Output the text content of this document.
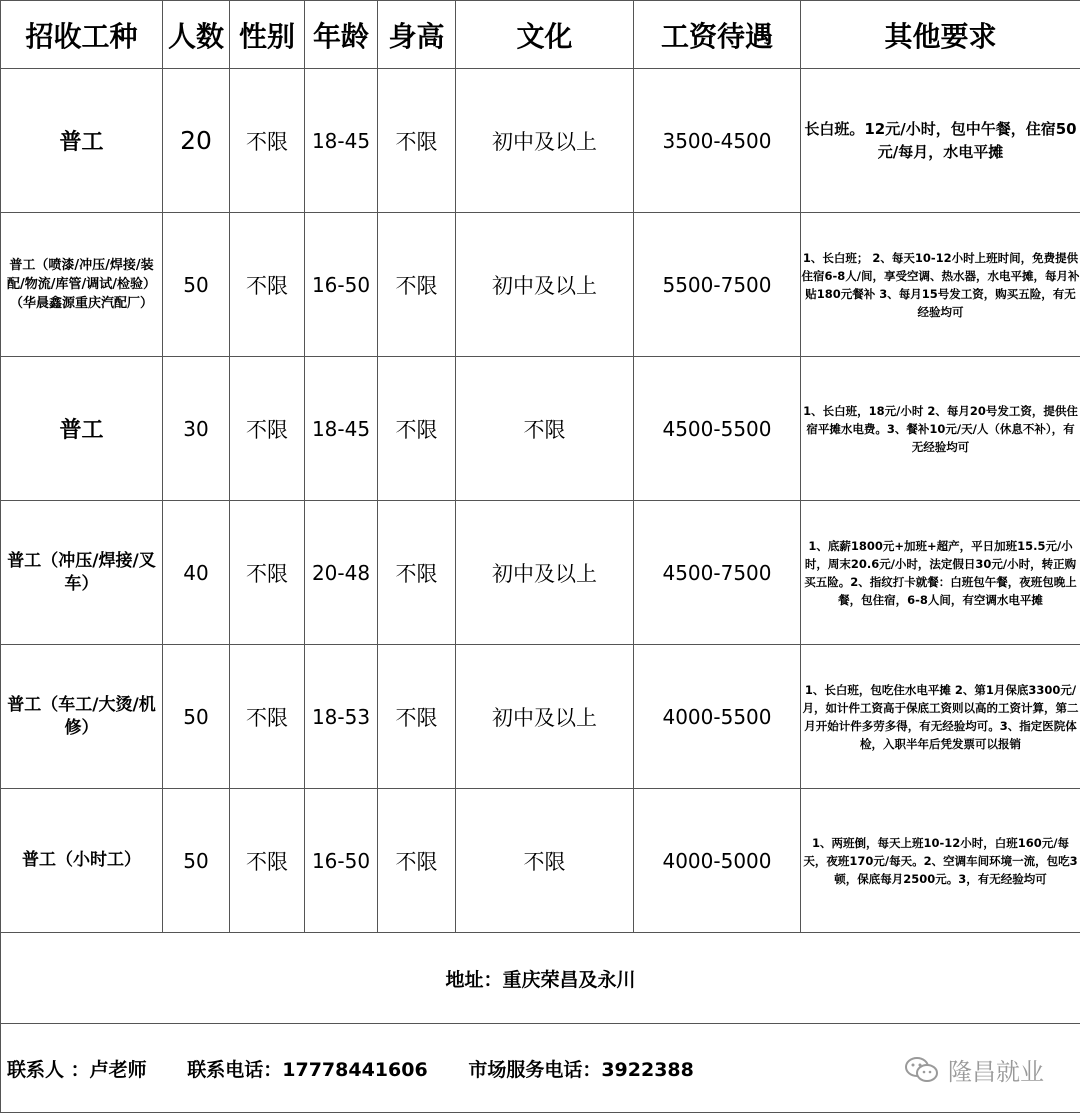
招收工种	人数	性别	年龄	身高	文化	工资待遇	其他要求
普工	20	不限	18-45	不限	初中及以上	3500-4500	长白班。12元/小时，包中午餐，住宿50元/每月，水电平摊
普工（喷漆/冲压/焊接/装配/物流/库管/调试/检验）（华晨鑫源重庆汽配厂）	50	不限	16-50	不限	初中及以上	5500-7500	1、长白班； 2、每天10-12小时上班时间，免费提供住宿6-8人/间，享受空调、热水器，水电平摊，每月补贴180元餐补 3、每月15号发工资，购买五险，有无经验均可
普工	30	不限	18-45	不限	不限	4500-5500	1、长白班，18元/小时 2、每月20号发工资，提供住宿平摊水电费。3、餐补10元/天/人（休息不补），有无经验均可
普工（冲压/焊接/叉车）	40	不限	20-48	不限	初中及以上	4500-7500	1、底薪1800元+加班+超产，平日加班15.5元/小时，周末20.6元/小时，法定假日30元/小时，转正购买五险。2、指纹打卡就餐：白班包午餐，夜班包晚上餐，包住宿，6-8人间，有空调水电平摊
普工（车工/大烫/机修）	50	不限	18-53	不限	初中及以上	4000-5500	1、长白班，包吃住水电平摊 2、第1月保底3300元/月，如计件工资高于保底工资则以高的工资计算，第二月开始计件多劳多得，有无经验均可。3、指定医院体检，入职半年后凭发票可以报销
普工（小时工）	50	不限	16-50	不限	不限	4000-5000	1、两班倒，每天上班10-12小时，白班160元/每天，夜班170元/每天。2、空调车间环境一流，包吃3顿，保底每月2500元。3，有无经验均可
地址：重庆荣昌及永川							
联系人 ：卢老师 联系电话：17778441606 市场服务电话：3922388 隆昌就业							
